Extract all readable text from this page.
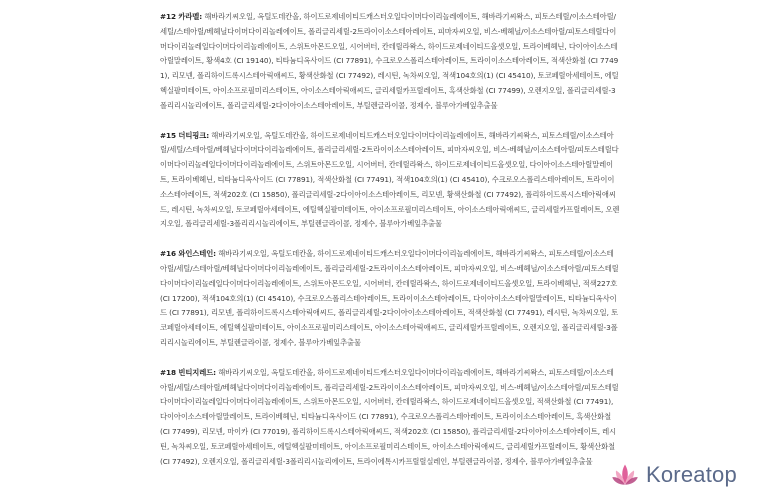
#12 카라멜: 해바라기씨오일, 옥틸도데칸올, 하이드로제네이티드캐스터오일다이머다이리놀레에이트, 해바라기씨왁스, 피토스테릴/이소스테아릴/세틸/스테아릴/베헤닐다이머다이리놀레에이트, 폴리글리세릴-2트라이이소스테아레이트, 피마자씨오일, 비스-베헤닐/이소스테아릴/피토스테릴다이머다이리놀레일다이머다이리놀레에이트, 스위트아몬드오일, 시어버터, 칸데릴라왁스, 하이드로제네이티드올셋오일, 트라이베헤닌, 다이아이소스테아릴말레이트, 황색4호 (CI 19140), 티타늄디옥사이드 (CI 77891), 수크로오스폴리스테아레이트, 트라이이소스테아레이트, 적색산화철 (CI 77491), 리모넨, 폴리하이드록시스테아릭애씨드, 황색산화철 (CI 77492), 레시틴, 녹차씨오일, 적색104호의(1) (CI 45410), 토코페릴아세테이트, 에틸헥실팔미테이트, 아이소프로필미리스테이트, 아이소스테아릭애씨드, 글리세릴카프릴레이트, 흑색산화철 (CI 77499), 오렌지오일, 폴리글리세릴-3폴리리시놀리에이트, 폴리글리세릴-2다이아이소스테아레이트, 부틸렌글라이콜, 정제수, 블루아가베잎추출물

#15 더티핑크: 해바라기씨오일, 옥틸도데칸올, 하이드로제네이티드캐스터오일다이머다이리놀레에이트, 해바라기씨왁스, 피토스테릴/이소스테아릴/세틸/스테아릴/베헤닐다이머다이리놀레에이트, 폴리글리세릴-2트라이이소스테아레이트, 피마자씨오일, 비스-베헤닐/이소스테아릴/피토스테릴다이머다이리놀레일다이머다이리놀레에이트, 스위트아몬드오일, 시어버터, 칸데릴라왁스, 하이드로제네이티드올셋오일, 다이아이소스테아릴말레이트, 트라이베헤닌, 티타늄디옥사이드 (CI 77891), 적색산화철 (CI 77491), 적색104호의(1) (CI 45410), 수크로오스폴리스테아레이트, 트라이이소스테아레이트, 적색202호 (CI 15850), 폴리글리세릴-2다이아이소스테아레이트, 리모넨, 황색산화철 (CI 77492), 폴리하이드록시스테아릭애씨드, 레시틴, 녹차씨오일, 토코페릴아세테이트, 에틸헥실팔미테이트, 아이소프로필미리스테이트, 아이소스테아릭애씨드, 글리세릴카프릴레이트, 오렌지오일, 폴리글리세릴-3폴리리시놀리에이트, 부틸렌글라이콜, 정제수, 블루아가베잎추출물

#16 와인스테인: 해바라기씨오일, 옥틸도데칸올, 하이드로제네이티드캐스터오일다이머다이리놀레에이트, 해바라기씨왁스, 피토스테릴/이소스테아릴/세틸/스테아릴/베헤닐다이머다이리놀레에이트, 폴리글리세릴-2트라이이소스테아레이트, 피마자씨오일, 비스-베헤닐/이소스테아릴/피토스테릴다이머다이리놀레일다이머다이리놀레에이트, 스위트아몬드오일, 시어버터, 칸데릴라왁스, 하이드로제네이티드올셋오일, 트라이베헤닌, 적색227호 (CI 17200), 적색104호의(1) (CI 45410), 수크로오스폴리스테아레이트, 트라이이소스테아레이트, 다이아이소스테아릴말레이트, 티타늄디옥사이드 (CI 77891), 리모넨, 폴리하이드록시스테아릭애씨드, 폴리글리세릴-2다이아이소스테아레이트, 적색산화철 (CI 77491), 레시틴, 녹차씨오일, 토코페릴아세테이트, 에틸헥실팔미테이트, 아이소프로필미리스테이트, 아이소스테아릭애씨드, 글리세릴카프릴레이트, 오렌지오일, 폴리글리세릴-3폴리리시놀리에이트, 부틸렌글라이콜, 정제수, 블루아가베잎추출물

#18 빈티지레드: 해바라기씨오일, 옥틸도데칸올, 하이드로제네이티드캐스터오일다이머다이리놀레에이트, 해바라기씨왁스, 피토스테릴/이소스테아릴/세틸/스테아릴/베헤닐다이머다이리놀레에이트, 폴리글리세릴-2트라이이소스테아레이트, 피마자씨오일, 비스-베헤닐/이소스테아릴/피토스테릴다이머다이리놀레일다이머다이리놀레에이트, 스위트아몬드오일, 시어버터, 칸데릴라왁스, 하이드로제네이티드올셋오일, 적색산화철 (CI 77491), 다이아이소스테아릴말레이트, 트라이베헤닌, 티타늄디옥사이드 (CI 77891), 수크로오스폴리스테아레이트, 트라이이소스테아레이트, 흑색산화철 (CI 77499), 리모넨, 마이카 (CI 77019), 폴리하이드록시스테아릭애씨드, 적색202호 (CI 15850), 폴리글리세릴-2다이아이소스테아레이트, 레시틴, 녹차씨오일, 토코페릴아세테이트, 에틸헥실팔미테이트, 아이소프로필미리스테이트, 아이소스테아릭애씨드, 글리세릴카프릴레이트, 황색산화철 (CI 77492), 오렌지오일, 폴리글리세릴-3폴리리시놀리에이트, 트라이에톡시카프릴릴실레인, 부틸렌글라이콜, 정제수, 블루아가베잎추출물

Koreatop
